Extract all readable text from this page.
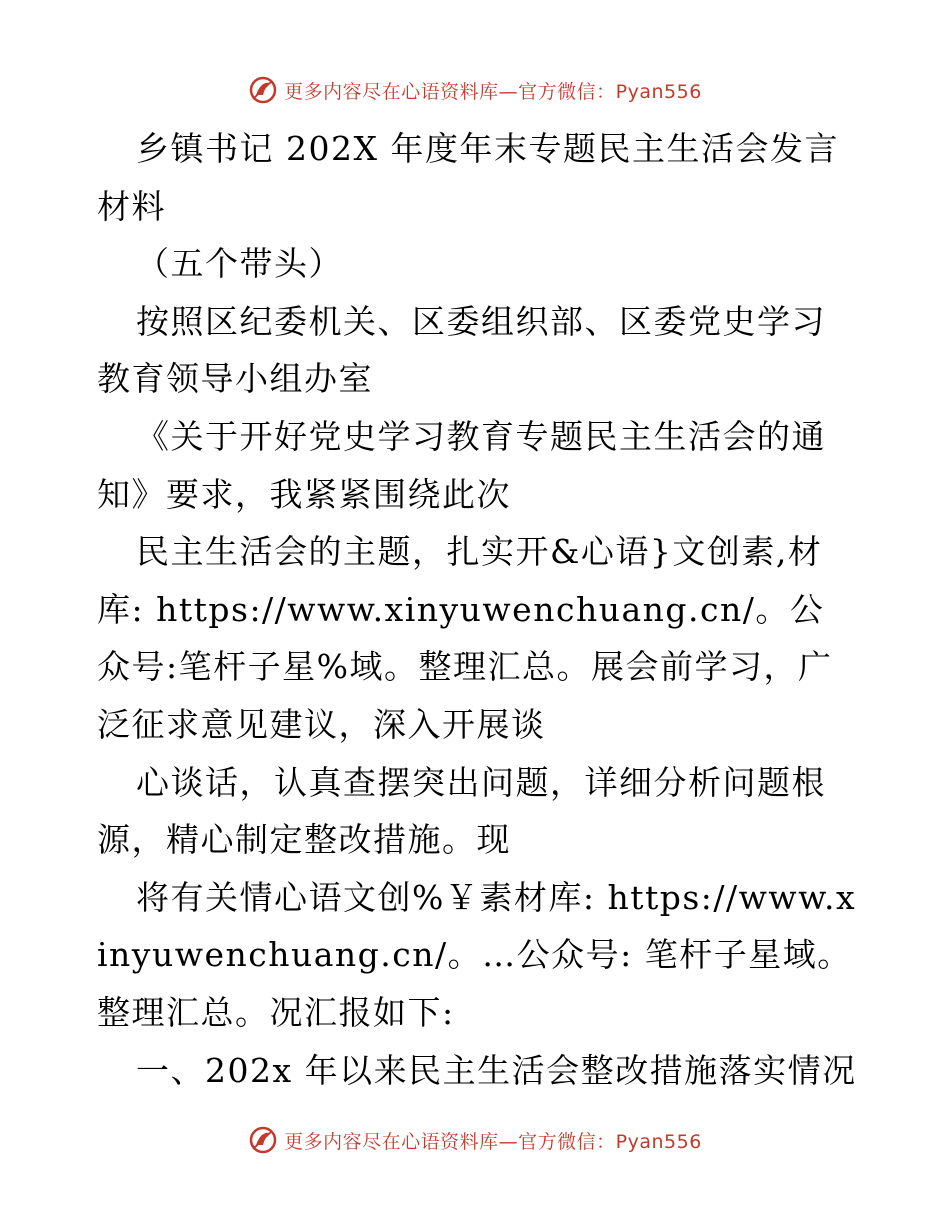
更多内容尽在心语资料库—官方微信：Pyan556

乡镇书记 202X 年度年末专题民主生活会发言材料

（五个带头）

按照区纪委机关、区委组织部、区委党史学习教育领导小组办室

《关于开好党史学习教育专题民主生活会的通知》要求，我紧紧围绕此次

民主生活会的主题，扎实开&心语}文创素,材库: https://www.xinyuwenchuang.cn/。公众号:笔杆子星%域。整理汇总。展会前学习，广泛征求意见建议，深入开展谈

心谈话，认真查摆突出问题，详细分析问题根源，精心制定整改措施。现

将有关情心语文创%￥素材库: https://www.xinyuwenchuang.cn/。…公众号: 笔杆子星域。整理汇总。况汇报如下:

一、202x 年以来民主生活会整改措施落实情况

更多内容尽在心语资料库—官方微信：Pyan556
